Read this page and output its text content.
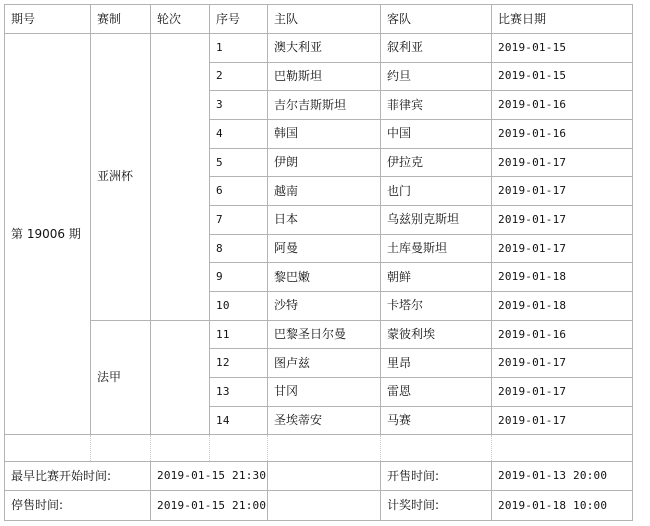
期号	赛制	轮次	序号	主队	客队	比赛日期
第 19006 期
亚洲杯
法甲
1	澳大利亚	叙利亚	2019-01-15
2	巴勒斯坦	约旦	2019-01-15
3	吉尔吉斯斯坦	菲律宾	2019-01-16
4	韩国	中国	2019-01-16
5	伊朗	伊拉克	2019-01-17
6	越南	也门	2019-01-17
7	日本	乌兹别克斯坦	2019-01-17
8	阿曼	土库曼斯坦	2019-01-17
9	黎巴嫩	朝鲜	2019-01-18
10	沙特	卡塔尔	2019-01-18
11	巴黎圣日尔曼	蒙彼利埃	2019-01-16
12	图卢兹	里昂	2019-01-17
13	甘冈	雷恩	2019-01-17
14	圣埃蒂安	马赛	2019-01-17
最早比赛开始时间:	2019-01-15 21:30	开售时间:	2019-01-13 20:00
停售时间:	2019-01-15 21:00	计奖时间:	2019-01-18 10:00
